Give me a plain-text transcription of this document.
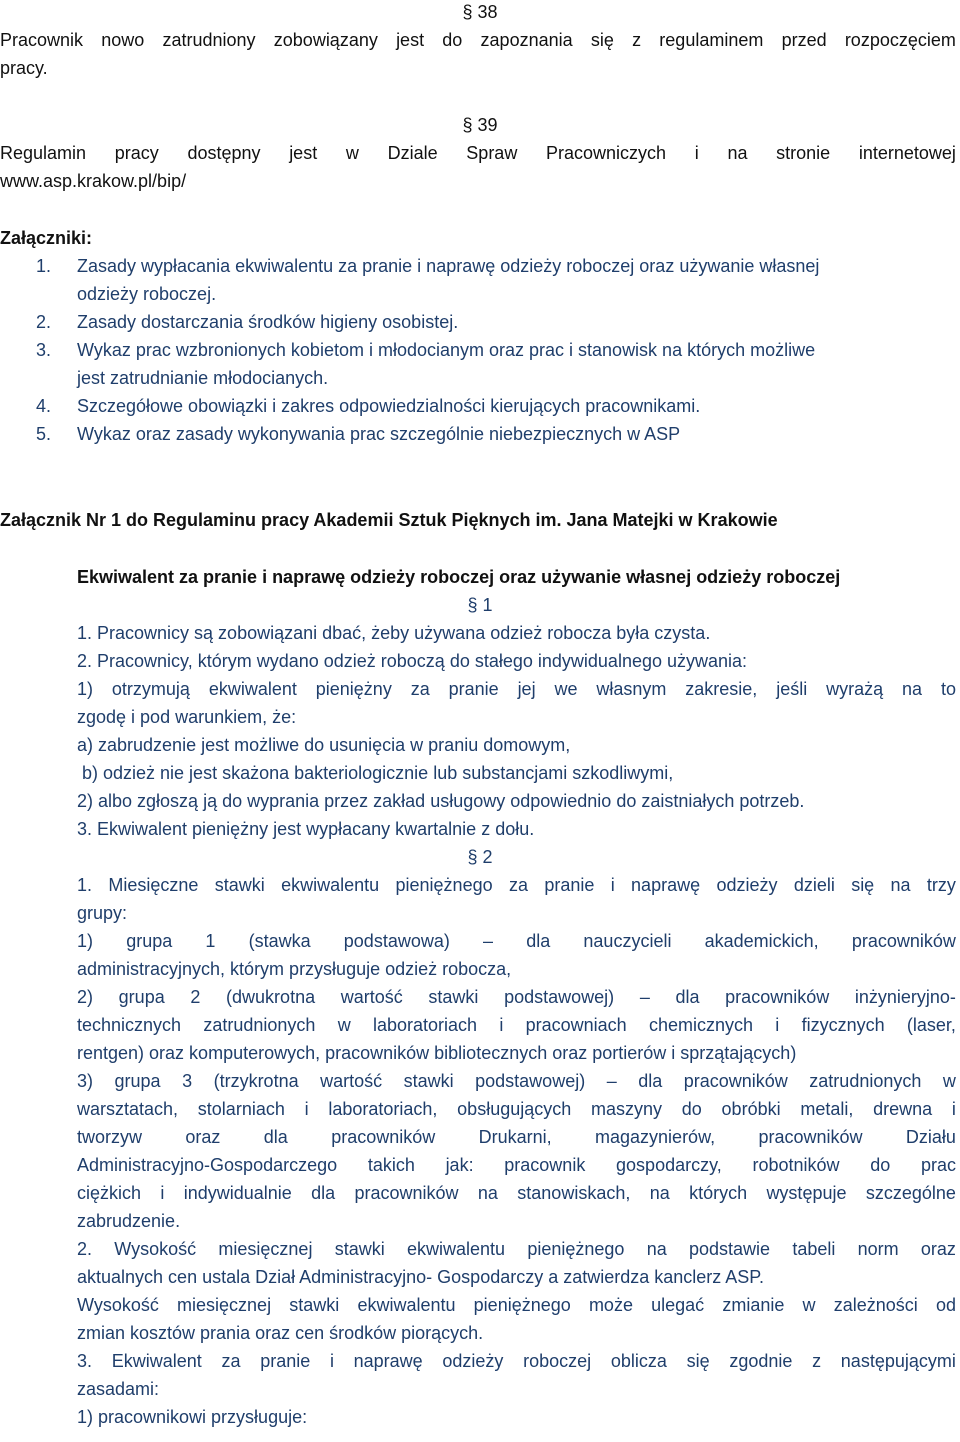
§ 38
Pracownik nowo zatrudniony zobowiązany jest do zapoznania się z regulaminem przed rozpoczęciem
pracy.
§ 39
Regulamin pracy dostępny jest w Dziale Spraw Pracowniczych i na stronie internetowej
www.asp.krakow.pl/bip/
Załączniki:
1. Zasady wypłacania ekwiwalentu za pranie i naprawę odzieży roboczej oraz używanie własnej
odzieży roboczej.
2. Zasady dostarczania środków higieny osobistej.
3. Wykaz prac wzbronionych kobietom i młodocianym oraz prac i stanowisk na których możliwe
jest zatrudnianie młodocianych.
4. Szczegółowe obowiązki i zakres odpowiedzialności kierujących pracownikami.
5. Wykaz oraz zasady wykonywania prac szczególnie niebezpiecznych w ASP
Załącznik Nr 1 do Regulaminu pracy Akademii Sztuk Pięknych im. Jana Matejki w Krakowie
Ekwiwalent za pranie i naprawę odzieży roboczej oraz używanie własnej odzieży roboczej
§ 1
1. Pracownicy są zobowiązani dbać, żeby używana odzież robocza była czysta.
2. Pracownicy, którym wydano odzież roboczą do stałego indywidualnego używania:
1) otrzymują ekwiwalent pieniężny za pranie jej we własnym zakresie, jeśli wyrażą na to
zgodę i pod warunkiem, że:
a) zabrudzenie jest możliwe do usunięcia w praniu domowym,
b) odzież nie jest skażona bakteriologicznie lub substancjami szkodliwymi,
2) albo zgłoszą ją do wyprania przez zakład usługowy odpowiednio do zaistniałych potrzeb.
3. Ekwiwalent pieniężny jest wypłacany kwartalnie z dołu.
1. Miesięczne stawki ekwiwalentu pieniężnego za pranie i naprawę odzieży dzieli się na trzy
grupy:
1) grupa 1 (stawka podstawowa) – dla nauczycieli akademickich, pracowników
administracyjnych, którym przysługuje odzież robocza,
2) grupa 2 (dwukrotna wartość stawki podstawowej) – dla pracowników inżynieryjno-
technicznych zatrudnionych w laboratoriach i pracowniach chemicznych i fizycznych (laser,
rentgen) oraz komputerowych, pracowników bibliotecznych oraz portierów i sprzątających)
3) grupa 3 (trzykrotna wartość stawki podstawowej) – dla pracowników zatrudnionych w
warsztatach, stolarniach i laboratoriach, obsługujących maszyny do obróbki metali, drewna i
tworzyw oraz dla pracowników Drukarni, magazynierów, pracowników Działu
Administracyjno-Gospodarczego takich jak: pracownik gospodarczy, robotników do prac
ciężkich i indywidualnie dla pracowników na stanowiskach, na których występuje szczególne
zabrudzenie.
2. Wysokość miesięcznej stawki ekwiwalentu pieniężnego na podstawie tabeli norm oraz
aktualnych cen ustala Dział Administracyjno- Gospodarczy a zatwierdza kanclerz ASP.
Wysokość miesięcznej stawki ekwiwalentu pieniężnego może ulegać zmianie w zależności od
zmian kosztów prania oraz cen środków piorących.
3. Ekwiwalent za pranie i naprawę odzieży roboczej oblicza się zgodnie z następującymi
zasadami:
1) pracownikowi przysługuje:
§ 2
